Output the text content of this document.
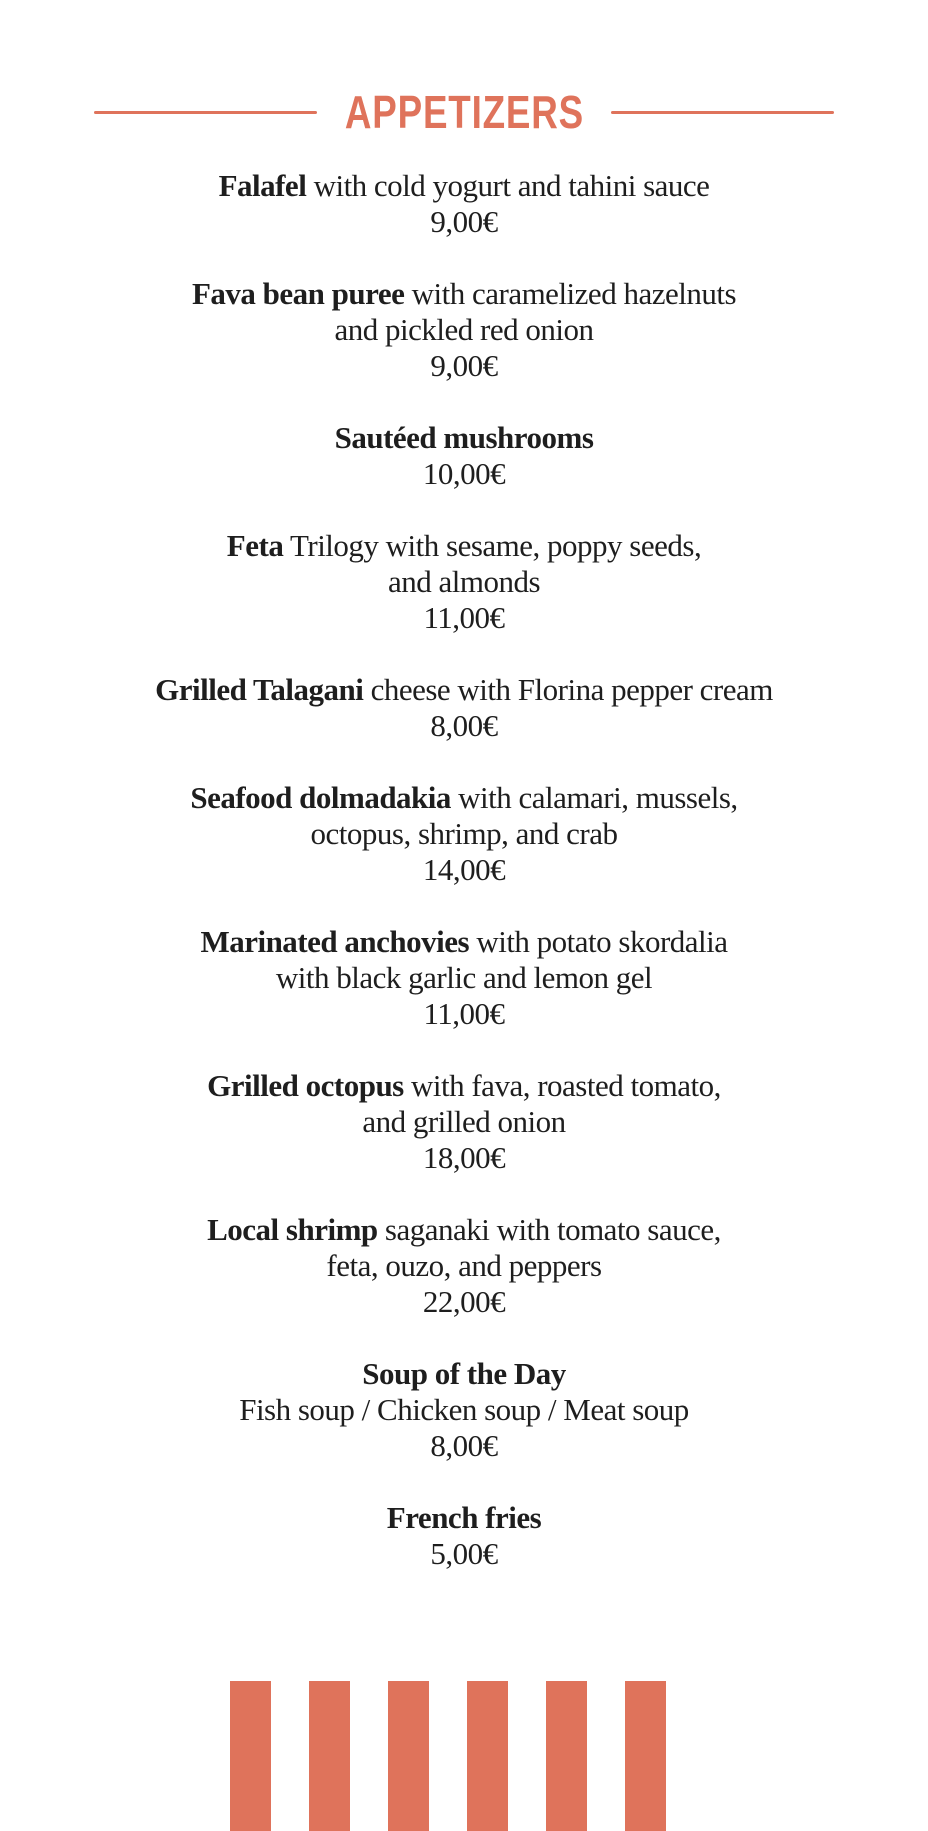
APPETIZERS

Falafel with cold yogurt and tahini sauce

9,00€

Fava bean puree with caramelized hazelnuts

and pickled red onion

9,00€

Sautéed mushrooms

10,00€

Feta Trilogy with sesame, poppy seeds,

and almonds

11,00€

Grilled Talagani cheese with Florina pepper cream

8,00€

Seafood dolmadakia with calamari, mussels,

octopus, shrimp, and crab

14,00€

Marinated anchovies with potato skordalia

with black garlic and lemon gel

11,00€

Grilled octopus with fava, roasted tomato,

and grilled onion

18,00€

Local shrimp saganaki with tomato sauce,

feta, ouzo, and peppers

22,00€

Soup of the Day

Fish soup / Chicken soup / Meat soup

8,00€

French fries

5,00€
